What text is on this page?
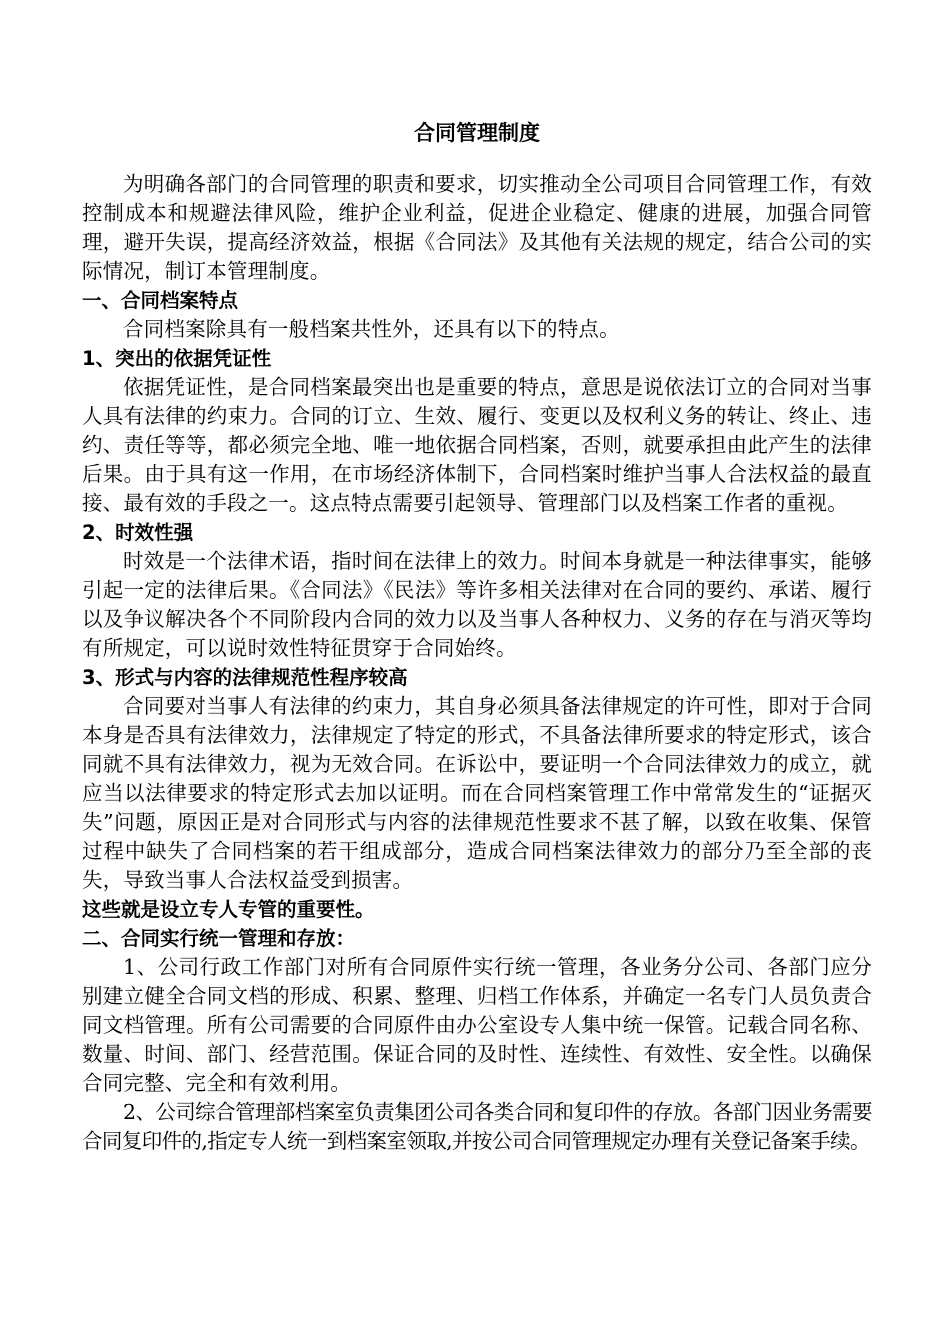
合同管理制度

为明确各部门的合同管理的职责和要求，切实推动全公司项目合同管理工作，有效控制成本和规避法律风险，维护企业利益，促进企业稳定、健康的进展，加强合同管理，避开失误，提高经济效益，根据《合同法》及其他有关法规的规定，结合公司的实际情况，制订本管理制度。

一、合同档案特点

合同档案除具有一般档案共性外，还具有以下的特点。

1、突出的依据凭证性

依据凭证性，是合同档案最突出也是重要的特点，意思是说依法订立的合同对当事人具有法律的约束力。合同的订立、生效、履行、变更以及权利义务的转让、终止、违约、责任等等，都必须完全地、唯一地依据合同档案，否则，就要承担由此产生的法律后果。由于具有这一作用，在市场经济体制下，合同档案时维护当事人合法权益的最直接、最有效的手段之一。这点特点需要引起领导、管理部门以及档案工作者的重视。

2、时效性强

时效是一个法律术语，指时间在法律上的效力。时间本身就是一种法律事实，能够引起一定的法律后果。《合同法》《民法》等许多相关法律对在合同的要约、承诺、履行以及争议解决各个不同阶段内合同的效力以及当事人各种权力、义务的存在与消灭等均有所规定，可以说时效性特征贯穿于合同始终。

3、形式与内容的法律规范性程序较高

合同要对当事人有法律的约束力，其自身必须具备法律规定的许可性，即对于合同本身是否具有法律效力，法律规定了特定的形式，不具备法律所要求的特定形式，该合同就不具有法律效力，视为无效合同。在诉讼中，要证明一个合同法律效力的成立，就应当以法律要求的特定形式去加以证明。而在合同档案管理工作中常常发生的“证据灭失”问题，原因正是对合同形式与内容的法律规范性要求不甚了解，以致在收集、保管过程中缺失了合同档案的若干组成部分，造成合同档案法律效力的部分乃至全部的丧失，导致当事人合法权益受到损害。

这些就是设立专人专管的重要性。
二、合同实行统一管理和存放：

1、公司行政工作部门对所有合同原件实行统一管理，各业务分公司、各部门应分别建立健全合同文档的形成、积累、整理、归档工作体系，并确定一名专门人员负责合同文档管理。所有公司需要的合同原件由办公室设专人集中统一保管。记载合同名称、数量、时间、部门、经营范围。保证合同的及时性、连续性、有效性、安全性。以确保合同完整、完全和有效利用。

2、公司综合管理部档案室负责集团公司各类合同和复印件的存放。各部门因业务需要合同复印件的,指定专人统一到档案室领取,并按公司合同管理规定办理有关登记备案手续。
